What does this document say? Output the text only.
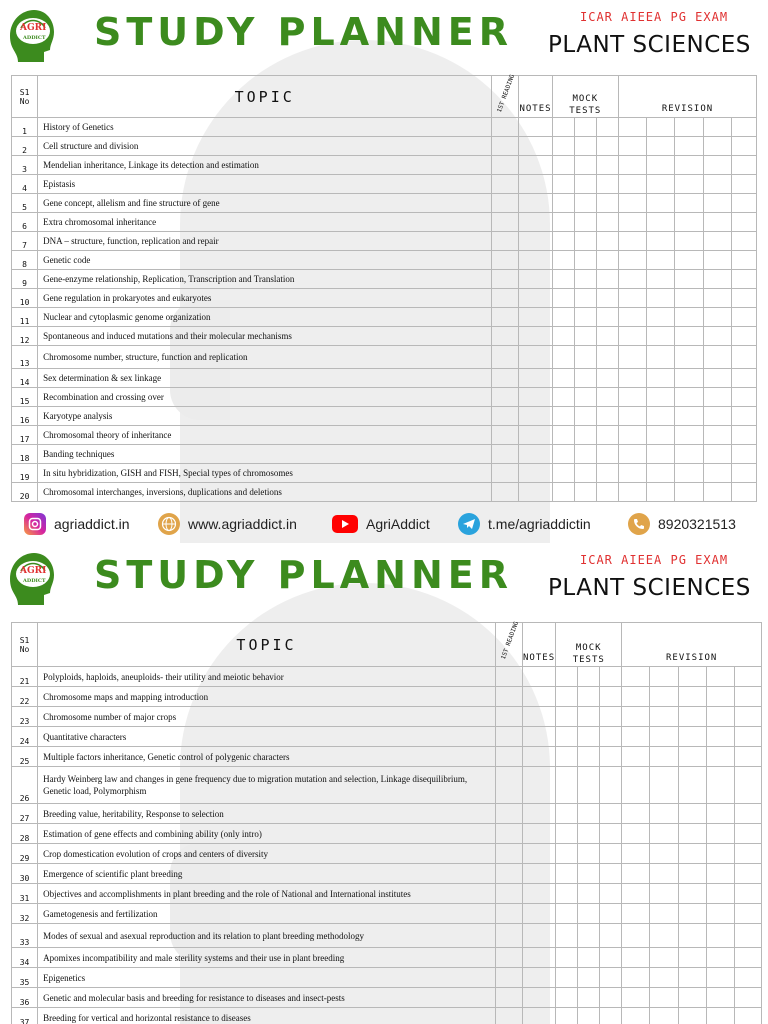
AGRI
ADDICT STUDY PLANNER	ICAR AIEEA PG EXAM
PLANT SCIENCES
S1
No	TOPIC	1ST READING	NOTES	MOCK
TESTS			REVISION				
1	History of Genetics										
2	Cell structure and division										
3	Mendelian inheritance, Linkage its detection and estimation										
4	Epistasis										
5	Gene concept, allelism and fine structure of gene										
6	Extra chromosomal inheritance										
7	DNA – structure, function, replication and repair										
8	Genetic code										
9	Gene-enzyme relationship, Replication, Transcription and Translation										
10	Gene regulation in prokaryotes and eukaryotes										
11	Nuclear and cytoplasmic genome organization										
12	Spontaneous and induced mutations and their molecular mechanisms										
13	Chromosome number, structure, function and replication										
14	Sex determination & sex linkage										
15	Recombination and crossing over										
16	Karyotype analysis										
17	Chromosomal theory of inheritance										
18	Banding techniques										
19	In situ hybridization, GISH and FISH, Special types of chromosomes										
20	Chromosomal interchanges, inversions, duplications and deletions										
agriaddict.in	www.agriaddict.in	AgriAddict	t.me/agriaddictin	8920321513
AGRI
ADDICT STUDY PLANNER	ICAR AIEEA PG EXAM
PLANT SCIENCES
S1
No	TOPIC	1ST READING	NOTES	MOCK
TESTS			REVISION				
21	Polyploids, haploids, aneuploids- their utility and meiotic behavior										
22	Chromosome maps and mapping introduction										
23	Chromosome number of major crops										
24	Quantitative characters										
25	Multiple factors inheritance, Genetic control of polygenic characters										
26	Hardy Weinberg law and changes in gene frequency due to migration mutation and selection, Linkage disequilibrium, Genetic load, Polymorphism										
27	Breeding value, heritability, Response to selection										
28	Estimation of gene effects and combining ability (only intro)										
29	Crop domestication evolution of crops and centers of diversity										
30	Emergence of scientific plant breeding										
31	Objectives and accomplishments in plant breeding and the role of National and International institutes										
32	Gametogenesis and fertilization										
33	Modes of sexual and asexual reproduction and its relation to plant breeding methodology										
34	Apomixes incompatibility and male sterility systems and their use in plant breeding										
35	Epigenetics										
36	Genetic and molecular basis and breeding for resistance to diseases and insect-pests										
37	Breeding for vertical and horizontal resistance to diseases										
